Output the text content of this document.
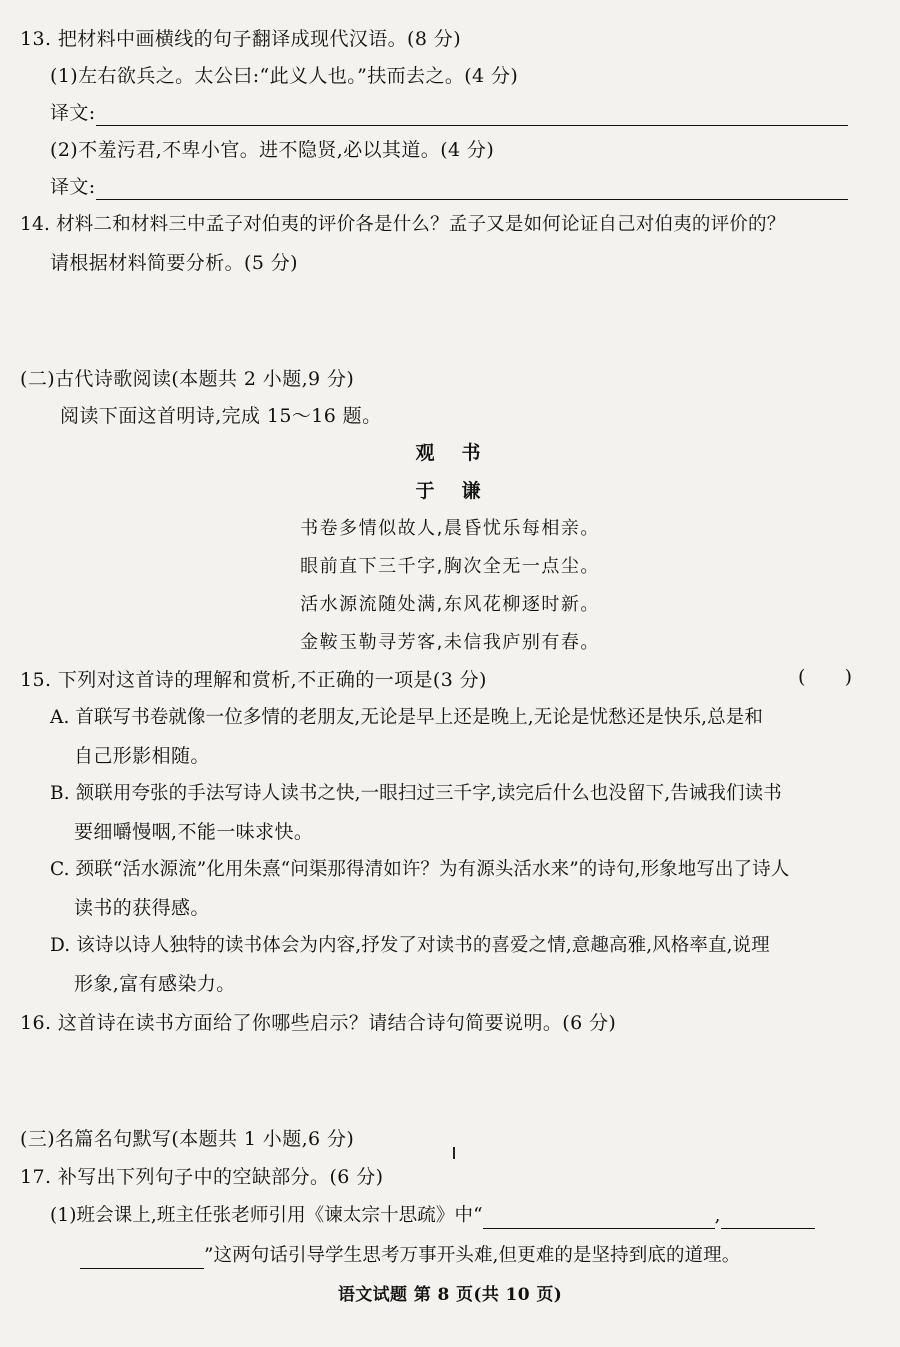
13. 把材料中画横线的句子翻译成现代汉语。(8 分)
(1)左右欲兵之。太公曰:“此义人也。”扶而去之。(4 分)
译文:
(2)不羞污君,不卑小官。进不隐贤,必以其道。(4 分)
译文:
14. 材料二和材料三中孟子对伯夷的评价各是什么？孟子又是如何论证自己对伯夷的评价的？
请根据材料简要分析。(5 分)
(二)古代诗歌阅读(本题共 2 小题,9 分)
阅读下面这首明诗,完成 15～16 题。
观　书
于　谦
书卷多情似故人,晨昏忧乐每相亲。
眼前直下三千字,胸次全无一点尘。
活水源流随处满,东风花柳逐时新。
金鞍玉勒寻芳客,未信我庐别有春。
15. 下列对这首诗的理解和赏析,不正确的一项是(3 分)	(　　)
A. 首联写书卷就像一位多情的老朋友,无论是早上还是晚上,无论是忧愁还是快乐,总是和
自己形影相随。
B. 颔联用夸张的手法写诗人读书之快,一眼扫过三千字,读完后什么也没留下,告诫我们读书
要细嚼慢咽,不能一味求快。
C. 颈联“活水源流”化用朱熹“问渠那得清如许？为有源头活水来”的诗句,形象地写出了诗人
读书的获得感。
D. 该诗以诗人独特的读书体会为内容,抒发了对读书的喜爱之情,意趣高雅,风格率直,说理
形象,富有感染力。
16. 这首诗在读书方面给了你哪些启示？请结合诗句简要说明。(6 分)
(三)名篇名句默写(本题共 1 小题,6 分)
17. 补写出下列句子中的空缺部分。(6 分)
(1)班会课上,班主任张老师引用《谏太宗十思疏》中“	,
”这两句话引导学生思考万事开头难,但更难的是坚持到底的道理。
语文试题 第 8 页(共 10 页)
